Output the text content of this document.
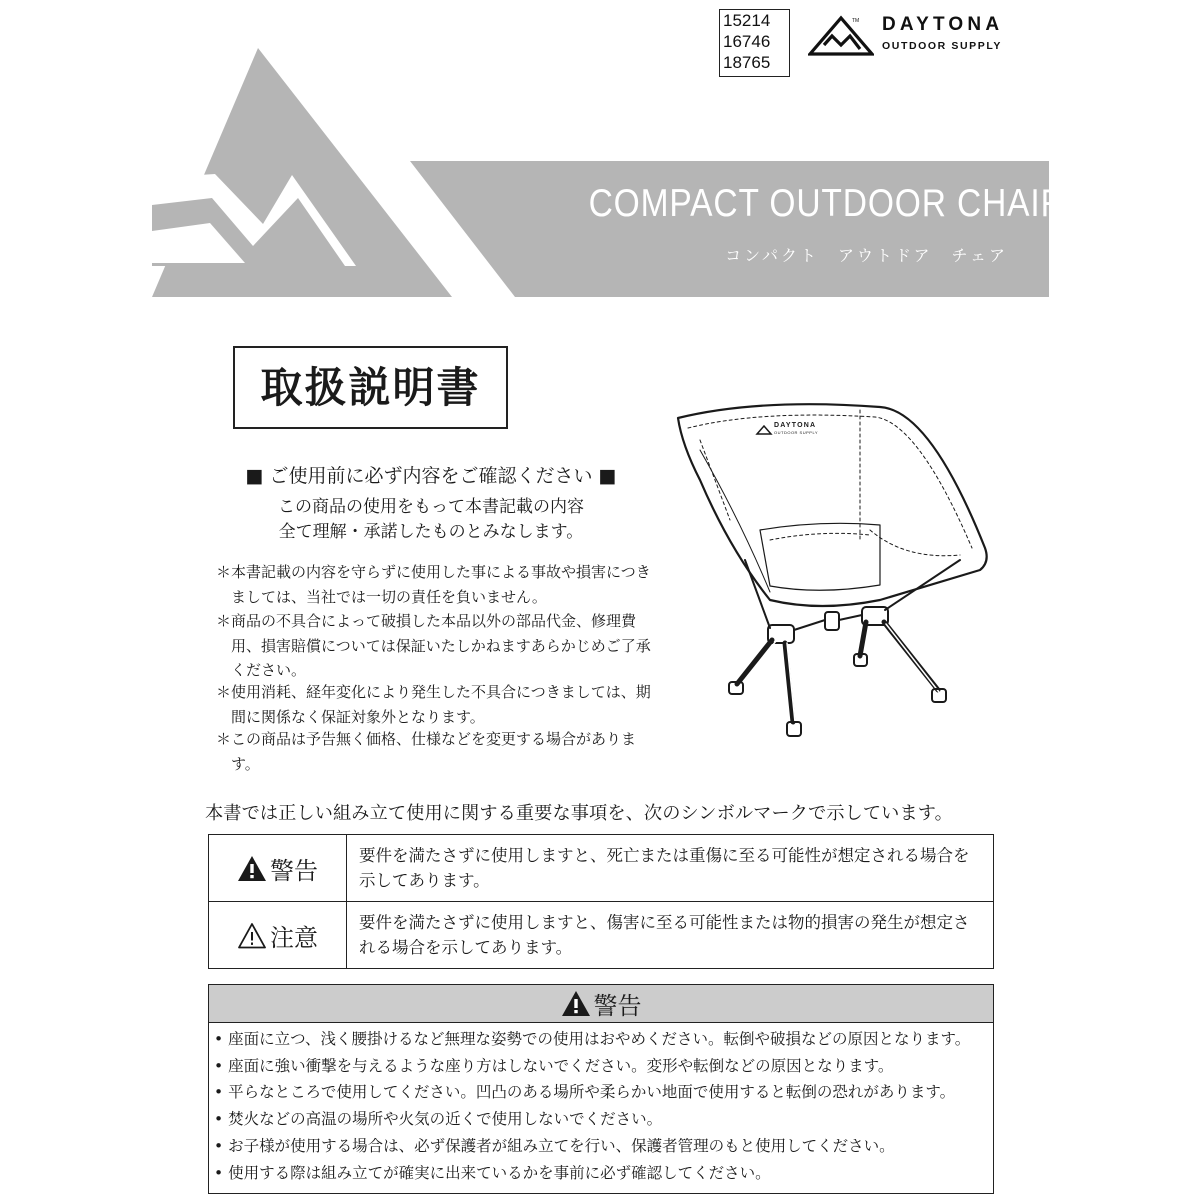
COMPACT OUTDOOR CHAIR
コンパクト　アウトドア　チェア
15214
16746
18765
TM DAYTONA
OUTDOOR SUPPLY
取扱説明書
■ ご使用前に必ず内容をご確認ください ■
この商品の使用をもって本書記載の内容
全て理解・承諾したものとみなします。
＊ 本書記載の内容を守らずに使用した事による事故や損害につきましては、当社では一切の責任を負いません。
＊ 商品の不具合によって破損した本品以外の部品代金、修理費用、損害賠償については保証いたしかねますあらかじめご了承ください。
＊ 使用消耗、経年変化により発生した不具合につきましては、期間に関係なく保証対象外となります。
＊ この商品は予告無く価格、仕様などを変更する場合があります。
DAYTONA
OUTDOOR SUPPLY
本書では正しい組み立て使用に関する重要な事項を、次のシンボルマークで示しています。
警告
要件を満たさずに使用しますと、死亡または重傷に至る可能性が想定される場合を示してあります。
注意
要件を満たさずに使用しますと、傷害に至る可能性または物的損害の発生が想定される場合を示してあります。
警告
• 座面に立つ、浅く腰掛けるなど無理な姿勢での使用はおやめください。転倒や破損などの原因となります。
• 座面に強い衝撃を与えるような座り方はしないでください。変形や転倒などの原因となります。
• 平らなところで使用してください。凹凸のある場所や柔らかい地面で使用すると転倒の恐れがあります。
• 焚火などの高温の場所や火気の近くで使用しないでください。
• お子様が使用する場合は、必ず保護者が組み立てを行い、保護者管理のもと使用してください。
• 使用する際は組み立てが確実に出来ているかを事前に必ず確認してください。
